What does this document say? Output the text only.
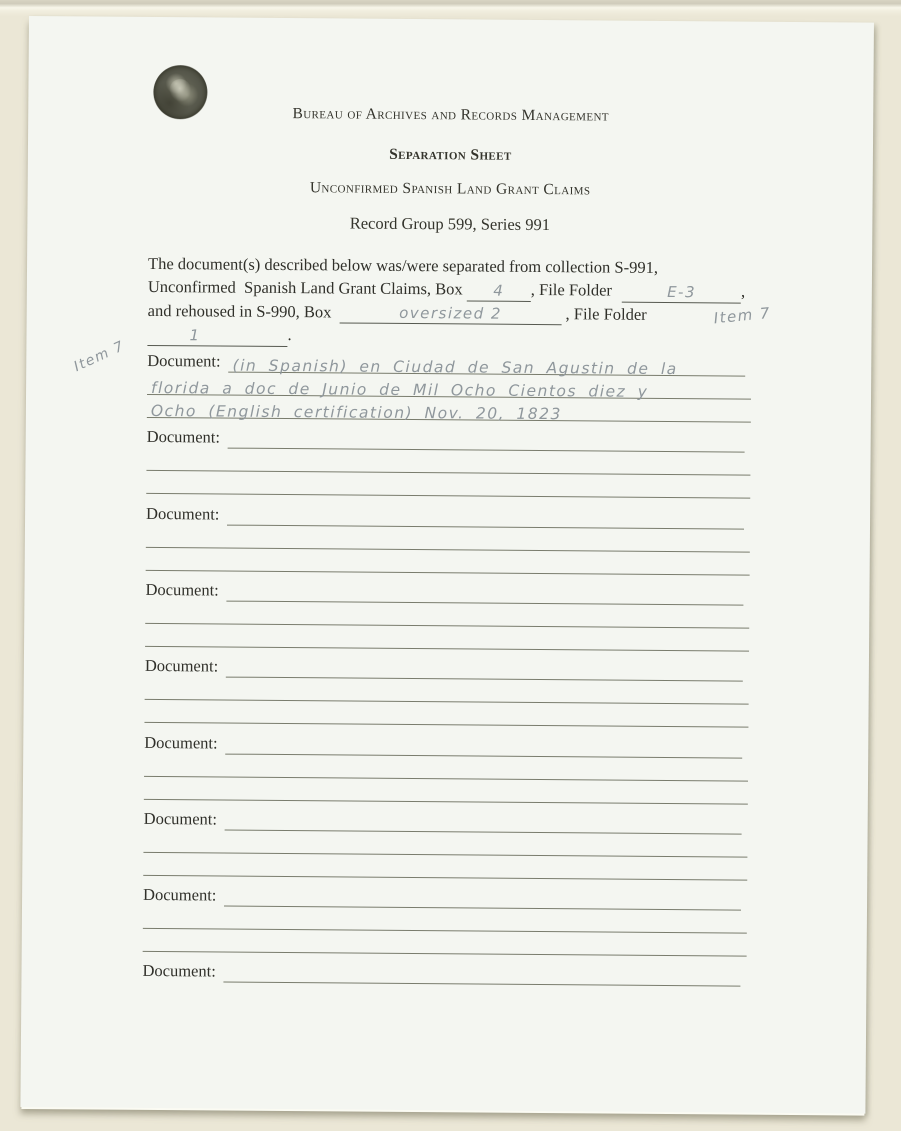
Bureau of Archives and Records Management
Separation Sheet
Unconfirmed Spanish Land Grant Claims
Record Group 599, Series 991
The document(s) described below was/were separated from collection S-991,
Unconfirmed  Spanish Land Grant Claims, Box 4 , File Folder	E-3	,
Item 7
and rehoused in S-990, Box	oversized 2	, File Folder
1	.
Item 7 Document: (in Spanish) en Ciudad de San Agustin de la
florida a doc de Junio de Mil Ocho Cientos diez y
Ocho (English certification) Nov. 20, 1823
Document:
Document:
Document:
Document:
Document:
Document:
Document:
Document:
